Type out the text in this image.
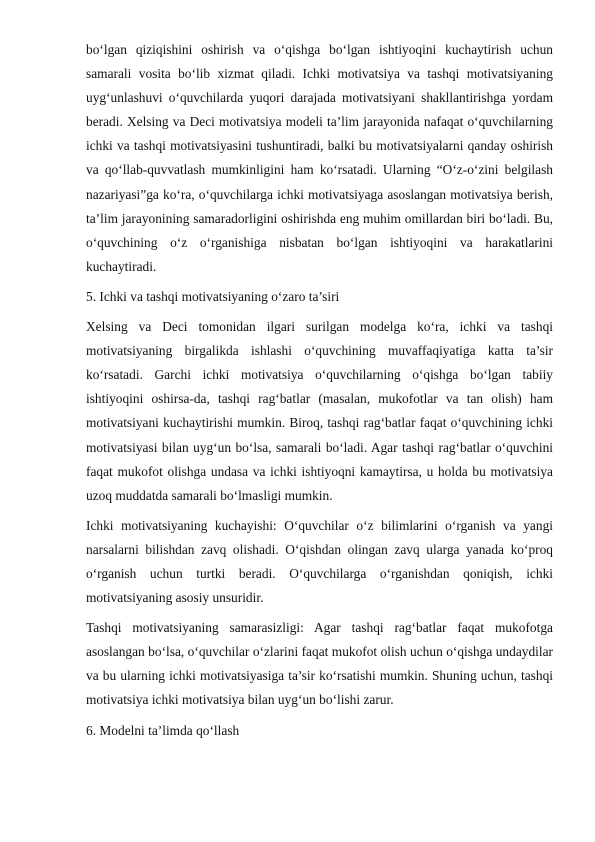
bo‘lgan qiziqishini oshirish va o‘qishga bo‘lgan ishtiyoqini kuchaytirish uchun samarali vosita bo‘lib xizmat qiladi. Ichki motivatsiya va tashqi motivatsiyaning uyg‘unlashuvi o‘quvchilarda yuqori darajada motivatsiyani shakllantirishga yordam beradi. Xelsing va Deci motivatsiya modeli ta’lim jarayonida nafaqat o‘quvchilarning ichki va tashqi motivatsiyasini tushuntiradi, balki bu motivatsiyalarni qanday oshirish va qo‘llab-quvvatlash mumkinligini ham ko‘rsatadi. Ularning “O‘z-o‘zini belgilash nazariyasi”ga ko‘ra, o‘quvchilarga ichki motivatsiyaga asoslangan motivatsiya berish, ta’lim jarayonining samaradorligini oshirishda eng muhim omillardan biri bo‘ladi. Bu, o‘quvchining o‘z o‘rganishiga nisbatan bo‘lgan ishtiyoqini va harakatlarini kuchaytiradi.

5. Ichki va tashqi motivatsiyaning o‘zaro ta’siri

Xelsing va Deci tomonidan ilgari surilgan modelga ko‘ra, ichki va tashqi motivatsiyaning birgalikda ishlashi o‘quvchining muvaffaqiyatiga katta ta’sir ko‘rsatadi. Garchi ichki motivatsiya o‘quvchilarning o‘qishga bo‘lgan tabiiy ishtiyoqini oshirsa-da, tashqi rag‘batlar (masalan, mukofotlar va tan olish) ham motivatsiyani kuchaytirishi mumkin. Biroq, tashqi rag‘batlar faqat o‘quvchining ichki motivatsiyasi bilan uyg‘un bo‘lsa, samarali bo‘ladi. Agar tashqi rag‘batlar o‘quvchini faqat mukofot olishga undasa va ichki ishtiyoqni kamaytirsa, u holda bu motivatsiya uzoq muddatda samarali bo‘lmasligi mumkin.

Ichki motivatsiyaning kuchayishi: O‘quvchilar o‘z bilimlarini o‘rganish va yangi narsalarni bilishdan zavq olishadi. O‘qishdan olingan zavq ularga yanada ko‘proq o‘rganish uchun turtki beradi. O‘quvchilarga o‘rganishdan qoniqish, ichki motivatsiyaning asosiy unsuridir.

Tashqi motivatsiyaning samarasizligi: Agar tashqi rag‘batlar faqat mukofotga asoslangan bo‘lsa, o‘quvchilar o‘zlarini faqat mukofot olish uchun o‘qishga undaydilar va bu ularning ichki motivatsiyasiga ta’sir ko‘rsatishi mumkin. Shuning uchun, tashqi motivatsiya ichki motivatsiya bilan uyg‘un bo‘lishi zarur.

6. Modelni ta’limda qo‘llash
